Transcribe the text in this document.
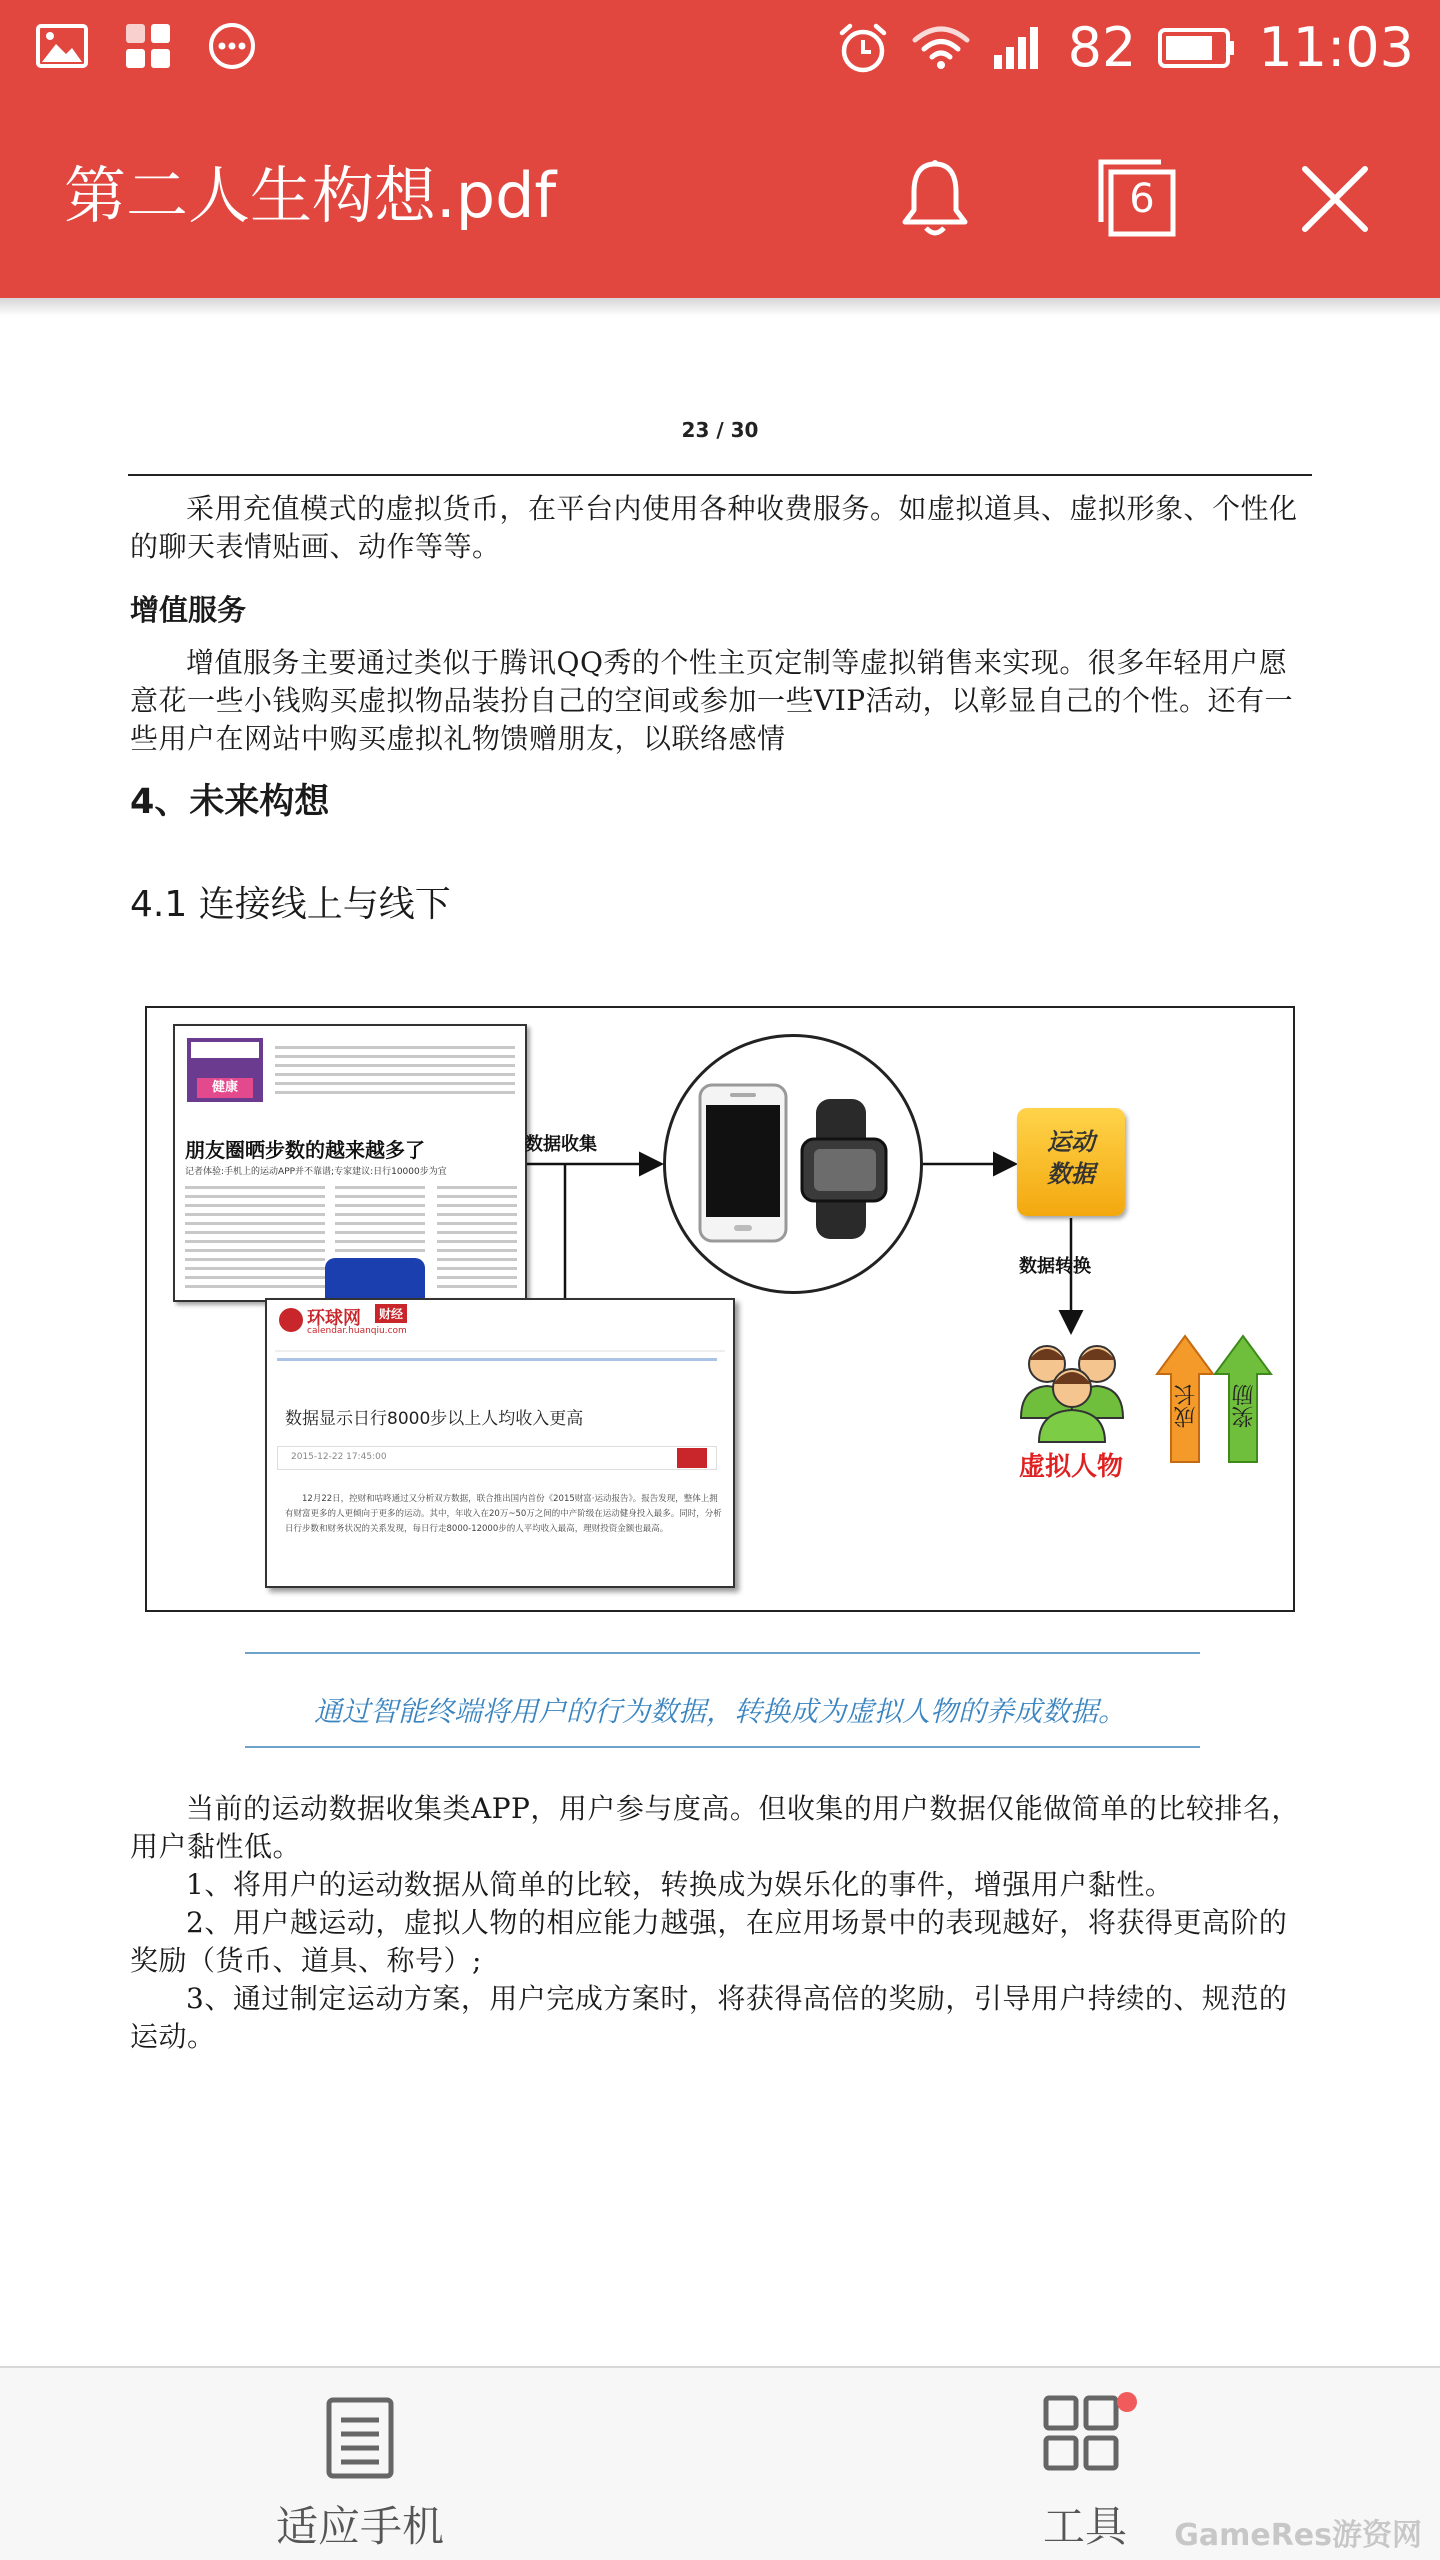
82 11:03
第二人生构想.pdf	6
23 / 30
采用充值模式的虚拟货币，在平台内使用各种收费服务。如虚拟道具、虚拟形象、个性化的聊天表情贴画、动作等等。
增值服务
增值服务主要通过类似于腾讯QQ秀的个性主页定制等虚拟销售来实现。很多年轻用户愿意花一些小钱购买虚拟物品装扮自己的空间或参加一些VIP活动，以彰显自己的个性。还有一些用户在网站中购买虚拟礼物馈赠朋友，以联络感情
4、未来构想
4.1 连接线上与线下
健康
朋友圈晒步数的越来越多了
记者体验:手机上的运动APP并不靠谱;专家建议:日行10000步为宜
环球网	财经
calendar.huanqiu.com
数据显示日行8000步以上人均收入更高
2015-12-22 17:45:00
12月22日，控财和咕咚通过又分析双方数据，联合推出国内首份《2015财富·运动报告》。报告发现，整体上拥有财富更多的人更倾向于更多的运动。其中，年收入在20万~50万之间的中产阶级在运动健身投入最多。同时，分析日行步数和财务状况的关系发现，每日行走8000-12000步的人平均收入最高，理财投资金额也最高。
数据收集	运动
数据
数据转换
虚拟人物
成长 奖励
通过智能终端将用户的行为数据，转换成为虚拟人物的养成数据。
当前的运动数据收集类APP，用户参与度高。但收集的用户数据仅能做简单的比较排名，用户黏性低。
1、将用户的运动数据从简单的比较，转换成为娱乐化的事件，增强用户黏性。
2、用户越运动，虚拟人物的相应能力越强，在应用场景中的表现越好，将获得更高阶的奖励（货币、道具、称号）;
3、通过制定运动方案，用户完成方案时，将获得高倍的奖励，引导用户持续的、规范的运动。
适应手机	工具	GameRes游资网
